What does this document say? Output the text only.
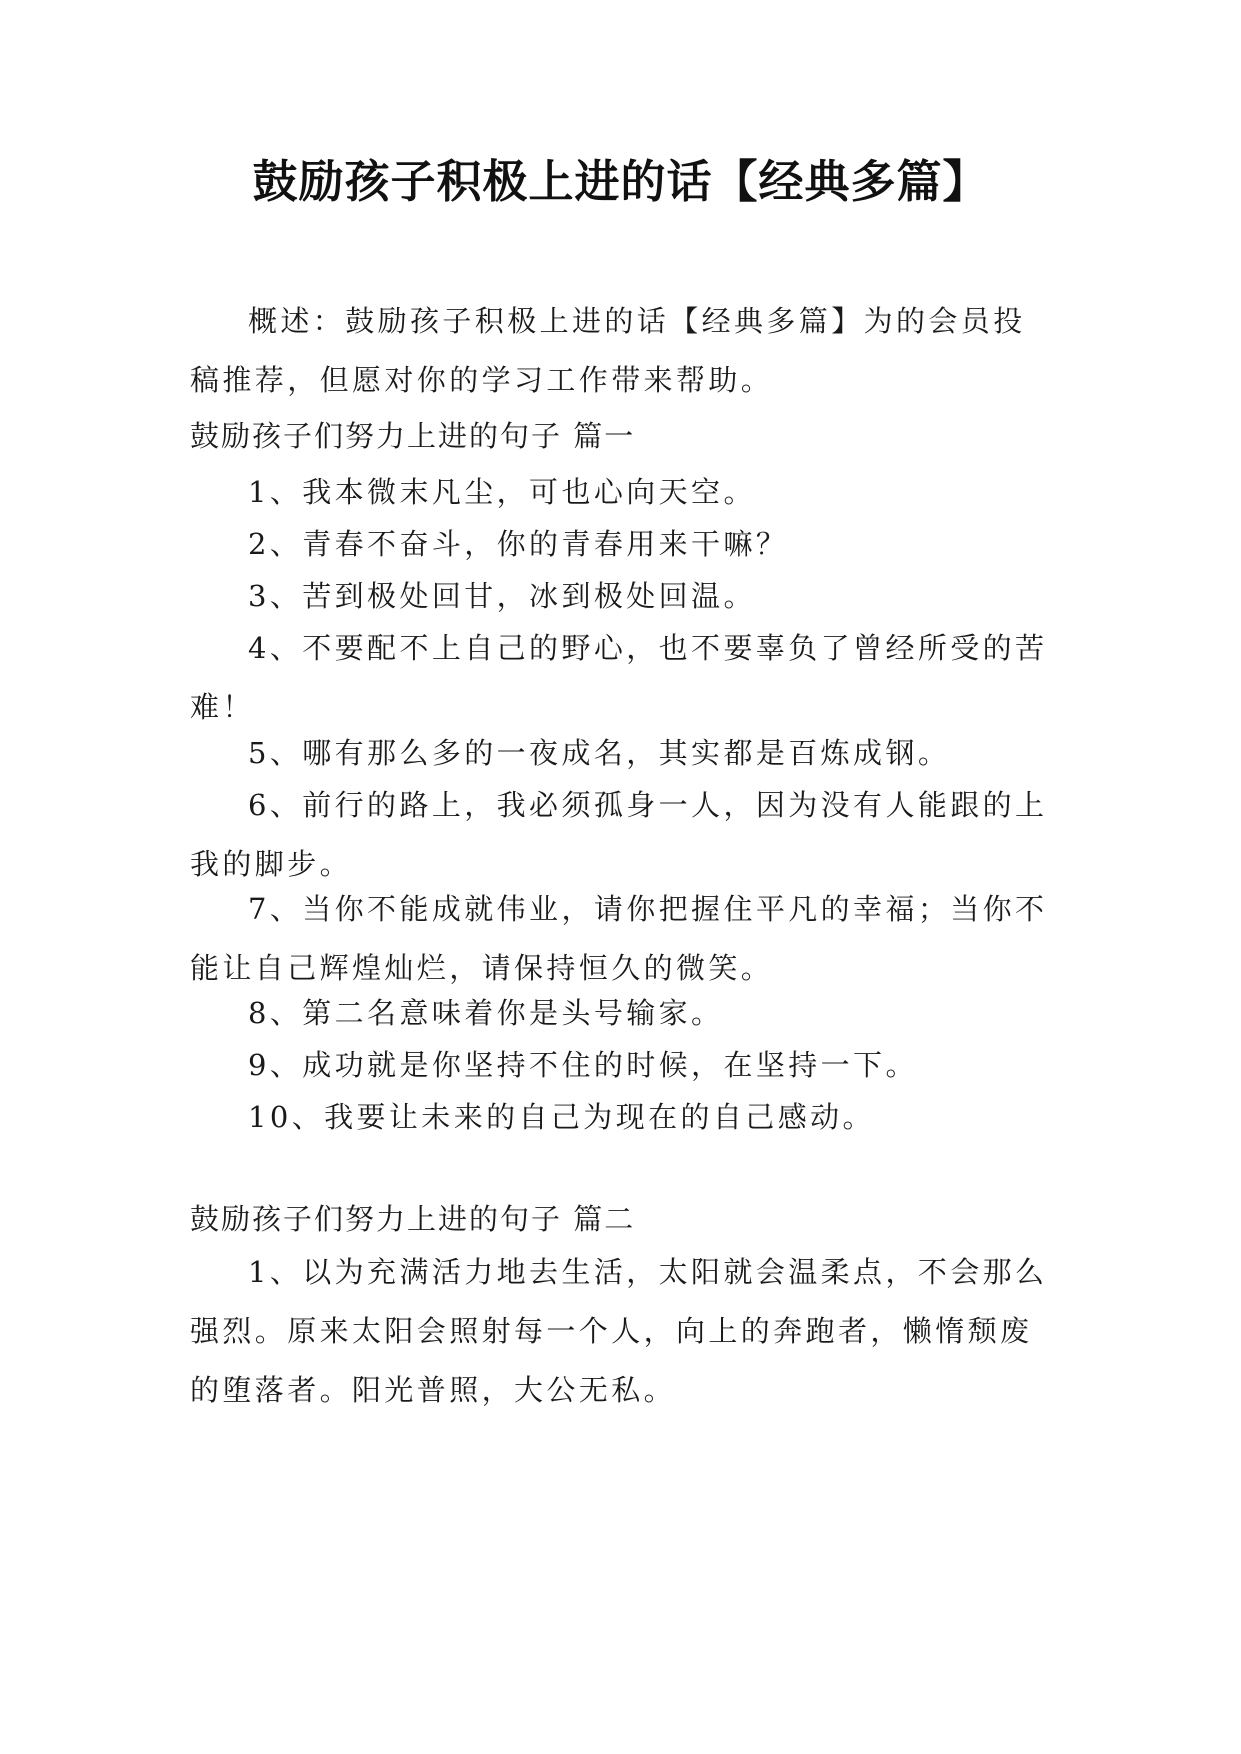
鼓励孩子积极上进的话【经典多篇】
概述：鼓励孩子积极上进的话【经典多篇】为的会员投稿推荐，但愿对你的学习工作带来帮助。
鼓励孩子们努力上进的句子 篇一
1、我本微末凡尘，可也心向天空。
2、青春不奋斗，你的青春用来干嘛？
3、苦到极处回甘，冰到极处回温。
4、不要配不上自己的野心，也不要辜负了曾经所受的苦难！
5、哪有那么多的一夜成名，其实都是百炼成钢。
6、前行的路上，我必须孤身一人，因为没有人能跟的上我的脚步。
7、当你不能成就伟业，请你把握住平凡的幸福；当你不能让自己辉煌灿烂，请保持恒久的微笑。
8、第二名意味着你是头号输家。
9、成功就是你坚持不住的时候，在坚持一下。
10、我要让未来的自己为现在的自己感动。
鼓励孩子们努力上进的句子 篇二
1、以为充满活力地去生活，太阳就会温柔点，不会那么强烈。原来太阳会照射每一个人，向上的奔跑者，懒惰颓废的堕落者。阳光普照，大公无私。
